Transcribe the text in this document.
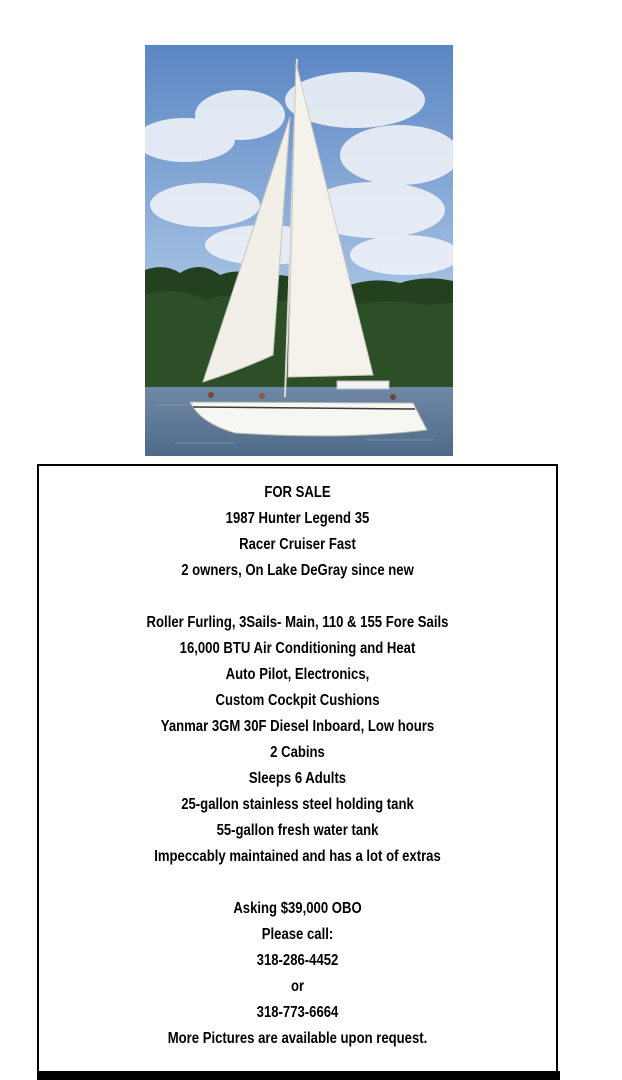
FOR SALE
1987 Hunter Legend 35
Racer Cruiser Fast
2 owners, On Lake DeGray since new
Roller Furling, 3Sails- Main, 110 & 155 Fore Sails
16,000 BTU Air Conditioning and Heat
Auto Pilot, Electronics,
Custom Cockpit Cushions
Yanmar 3GM 30F Diesel Inboard, Low hours
2 Cabins
Sleeps 6 Adults
25-gallon stainless steel holding tank
55-gallon fresh water tank
Impeccably maintained and has a lot of extras
Asking $39,000 OBO
Please call:
318-286-4452
or
318-773-6664
More Pictures are available upon request.
